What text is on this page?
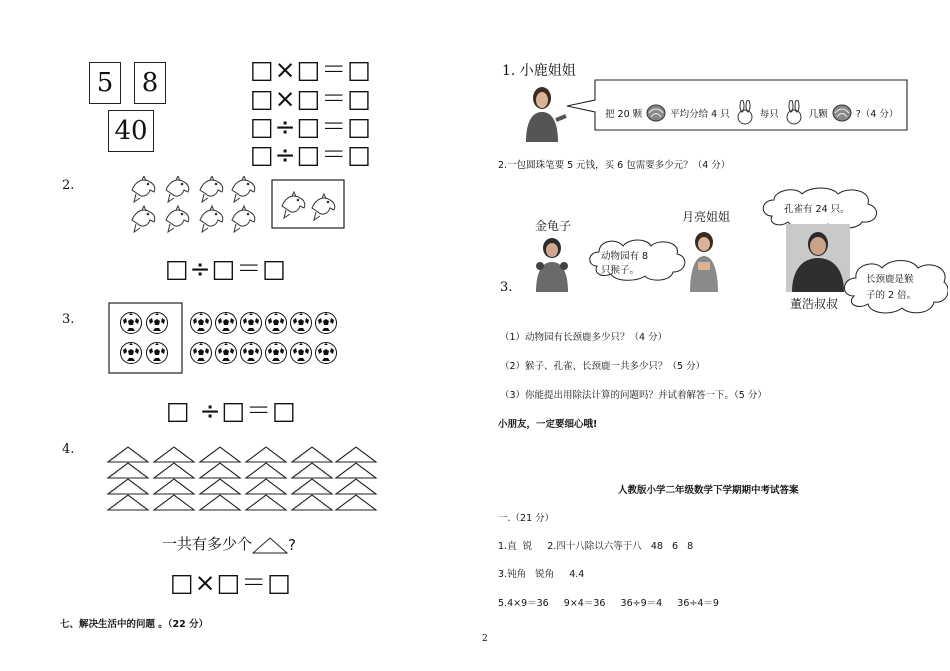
5 8
40
□×□＝□
□×□＝□
□÷□＝□
□÷□＝□
2.
□÷□＝□
3.
□ ÷□＝□
4.
一共有多少个 ?
□×□＝□
七、解决生活中的问题 。（22 分）
1. 小鹿姐姐
把 20 颗	平均分给 4 只	每只	几颗	?（4 分）
2.一包圆珠笔要 5 元钱，买 6 包需要多少元？（4 分）
3.
金龟子
动物园有 8
只猴子。
月亮姐姐
孔雀有 24 只。
董浩叔叔
长颈鹿是猴
子的 2 倍。
（1）动物园有长颈鹿多少只？（4 分）
（2）猴子、孔雀、长颈鹿一共多少只？（5 分）
（3）你能提出用除法计算的问题吗？并试着解答一下。（5 分）
小朋友，一定要细心哦!
人教版小学二年级数学下学期期中考试答案
一.（21 分）
1.直  锐     2.四十八除以六等于八   48   6   8
3.钝角   锐角     4.4
5.4×9＝36     9×4＝36     36÷9＝4     36÷4＝9
2
